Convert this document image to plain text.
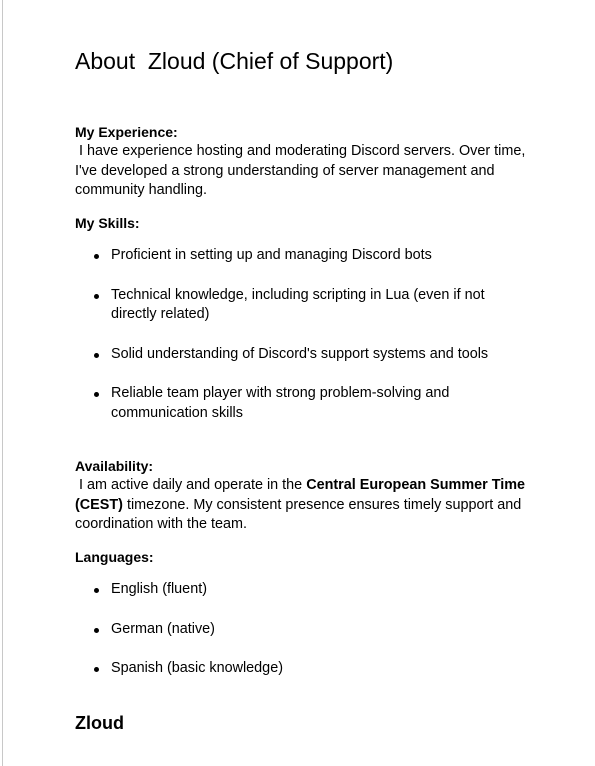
About  Zloud (Chief of Support)

My Experience:

I have experience hosting and moderating Discord servers. Over time, I've developed a strong understanding of server management and community handling.

My Skills:

Proficient in setting up and managing Discord bots
Technical knowledge, including scripting in Lua (even if not directly related)
Solid understanding of Discord's support systems and tools
Reliable team player with strong problem-solving and communication skills

Availability:

I am active daily and operate in the Central European Summer Time (CEST) timezone. My consistent presence ensures timely support and coordination with the team.

Languages:

English (fluent)
German (native)
Spanish (basic knowledge)

Zloud
